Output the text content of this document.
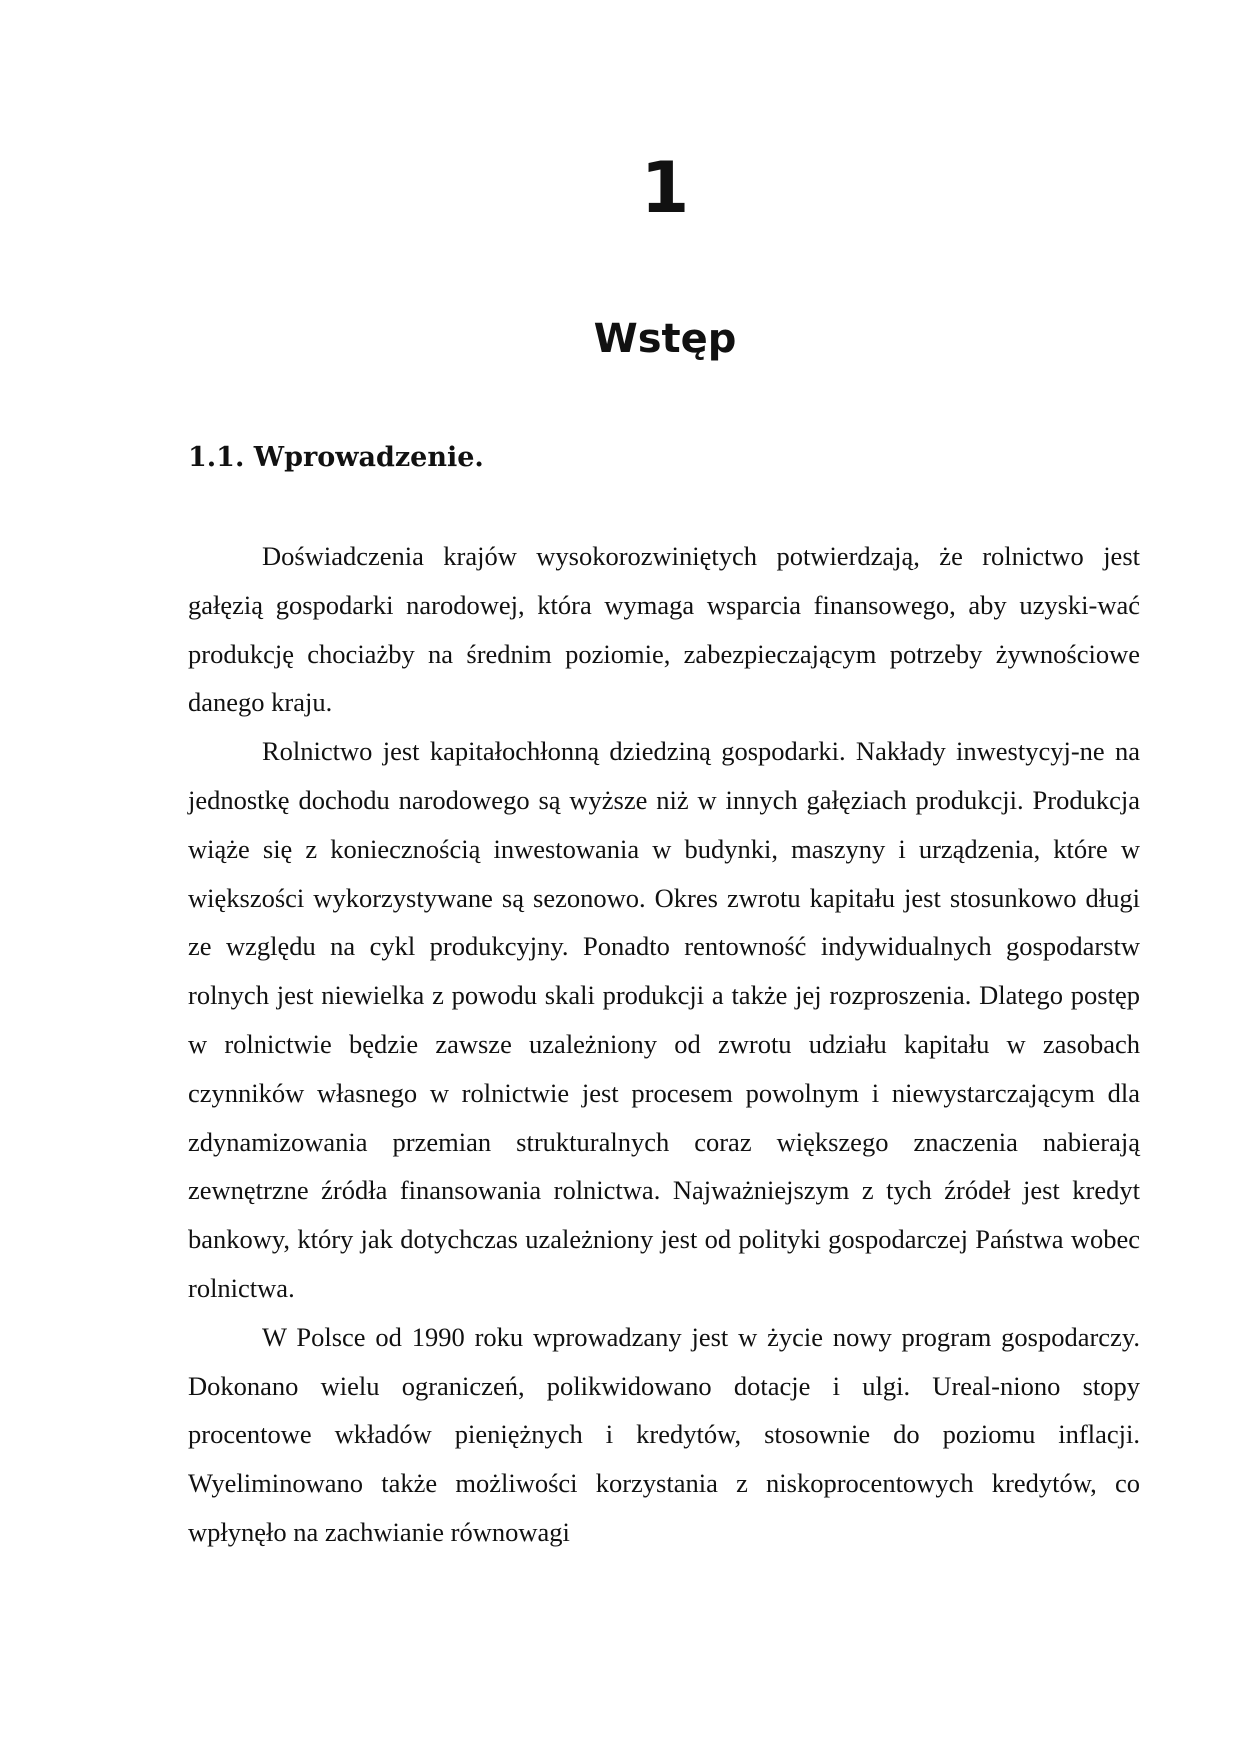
1
Wstęp
1.1. Wprowadzenie.

Doświadczenia krajów wysokorozwiniętych potwierdzają, że rolnictwo jest gałęzią gospodarki narodowej, która wymaga wsparcia finansowego, aby uzyski-wać produkcję chociażby na średnim poziomie, zabezpieczającym potrzeby żywnościowe danego kraju.

Rolnictwo jest kapitałochłonną dziedziną gospodarki. Nakłady inwestycyj-ne na jednostkę dochodu narodowego są wyższe niż w innych gałęziach produkcji. Produkcja wiąże się z koniecznością inwestowania w budynki, maszyny i urządzenia, które w większości wykorzystywane są sezonowo. Okres zwrotu kapitału jest stosunkowo długi ze względu na cykl produkcyjny. Ponadto rentowność indywidualnych gospodarstw rolnych jest niewielka z powodu skali produkcji a także jej rozproszenia. Dlatego postęp w rolnictwie będzie zawsze uzależniony od zwrotu udziału kapitału w zasobach czynników własnego w rolnictwie jest procesem powolnym i niewystarczającym dla zdynamizowania przemian strukturalnych coraz większego znaczenia nabierają zewnętrzne źródła finansowania rolnictwa. Najważniejszym z tych źródeł jest kredyt bankowy, który jak dotychczas uzależniony jest od polityki gospodarczej Państwa wobec rolnictwa.

W Polsce od 1990 roku wprowadzany jest w życie nowy program gospodarczy. Dokonano wielu ograniczeń, polikwidowano dotacje i ulgi. Ureal-niono stopy procentowe wkładów pieniężnych i kredytów, stosownie do poziomu inflacji. Wyeliminowano także możliwości korzystania z niskoprocentowych kredytów, co wpłynęło na zachwianie równowagi
